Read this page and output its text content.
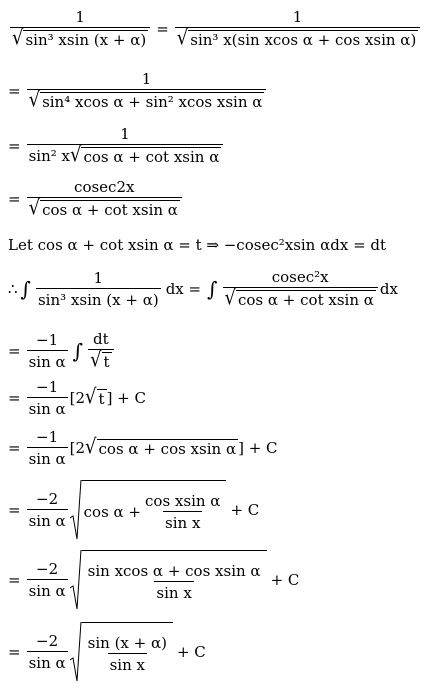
$\frac{1}{\text{√ sin³ xsin (x + α)}} = \frac{1}{\text{√ sin³ x(sin xcos α + cos xsin α)}}$
= $\frac{1}{\text{√ sin⁴ xcos α + sin² xcos xsin α}}$
= $\frac{1}{\text{sin² x √ cos α + cot xsin α}}$
= $\frac{cosec2x}{\text{√ cos α + cot xsin α}}$
Let cos α + cot xsin α = t ⇒ −cosec²xsin αdx = dt
∴ ∫ $\frac{1}{\text{sin³ xsin (x + α)}}$ dx = ∫ $\frac{\text{cosec²x}}{\text{√ cos α + cot xsin α}}$ dx
= $\frac{-1}{\text{sin α}}$ ∫ $\frac{dt}{√ t}$
= $\frac{-1}{\text{sin α}} [2$ √ t ] + C
= $\frac{-1}{\text{sin α}} [2$ √ cos α + cos xsin α ] + C
= $\frac{-2}{\text{sin α}}$ $\cos \alpha + \frac{\text{cos xsin α}}{\text{sin x}} + C$
= $\frac{-2}{\text{sin α}} \frac{\text{sin xcos α + cos xsin α}}{\text{sin x}} + C$
= $\frac{-2}{\text{sin α}} \frac{\sin (x + \alpha)}{\text{sin x}} + C$
